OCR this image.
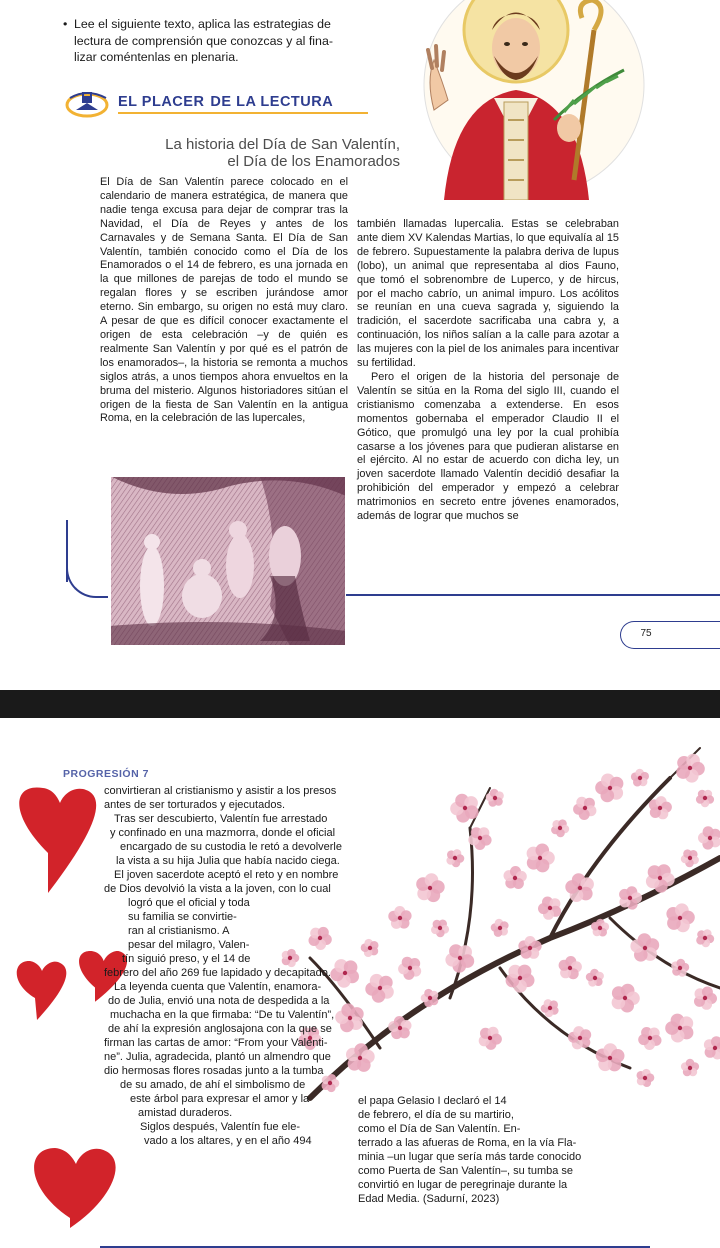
• Lee el siguiente texto, aplica las estrategias de
lectura de comprensión que conozcas y al fina-
lizar coméntenlas en plenaria.
EL PLACER DE LA LECTURA
La historia del Día de San Valentín,
el Día de los Enamorados

El Día de San Valentín parece colocado en el calendario de manera estratégica, de manera que nadie tenga excusa para dejar de comprar tras la Navidad, el Día de Reyes y antes de los Carnavales y de Semana Santa. El Día de San Valentín, también conocido como el Día de los Enamorados o el 14 de febrero, es una jornada en la que millones de parejas de todo el mundo se regalan flores y se escriben jurándose amor eterno. Sin embargo, su origen no está muy claro. A pesar de que es difícil conocer exactamente el origen de esta celebración –y de quién es realmente San Valentín y por qué es el patrón de los enamorados–, la historia se remonta a muchos siglos atrás, a unos tiempos ahora envueltos en la bruma del misterio. Algunos historiadores sitúan el origen de la fiesta de San Valentín en la antigua Roma, en la celebración de las lupercales,

también llamadas lupercalia. Estas se celebraban ante diem XV Kalendas Martias, lo que equivalía al 15 de febrero. Supuestamente la palabra deriva de lupus (lobo), un animal que representaba al dios Fauno, que tomó el sobrenombre de Luperco, y de hircus, por el macho cabrío, un animal impuro. Los acólitos se reunían en una cueva sagrada y, siguiendo la tradición, el sacerdote sacrificaba una cabra y, a continuación, los niños salían a la calle para azotar a las mujeres con la piel de los animales para incentivar su fertilidad.

Pero el origen de la historia del personaje de Valentín se sitúa en la Roma del siglo III, cuando el cristianismo comenzaba a extenderse. En esos momentos gobernaba el emperador Claudio II el Gótico, que promulgó una ley por la cual prohibía casarse a los jóvenes para que pudieran alistarse en el ejército. Al no estar de acuerdo con dicha ley, un joven sacerdote llamado Valentín decidió desafiar la prohibición del emperador y empezó a celebrar matrimonios en secreto entre jóvenes enamorados, además de lograr que muchos se

75
PROGRESIÓN 7
convirtieran al cristianismo y asistir a los presos
antes de ser torturados y ejecutados.
Tras ser descubierto, Valentín fue arrestado
y confinado en una mazmorra, donde el oficial
encargado de su custodia le retó a devolverle
la vista a su hija Julia que había nacido ciega.
El joven sacerdote aceptó el reto y en nombre
de Dios devolvió la vista a la joven, con lo cual
logró que el oficial y toda
su familia se convirtie-
ran al cristianismo. A
pesar del milagro, Valen-
tín siguió preso, y el 14 de
febrero del año 269 fue lapidado y decapitado.
La leyenda cuenta que Valentín, enamora-
do de Julia, envió una nota de despedida a la
muchacha en la que firmaba: “De tu Valentín”,
de ahí la expresión anglosajona con la que se
firman las cartas de amor: “From your Valenti-
ne”. Julia, agradecida, plantó un almendro que
dio hermosas flores rosadas junto a la tumba
de su amado, de ahí el simbolismo de
este árbol para expresar el amor y la
amistad duraderos.
Siglos después, Valentín fue ele-
vado a los altares, y en el año 494
el papa Gelasio I declaró el 14
de febrero, el día de su martirio,
como el Día de San Valentín. En-
terrado a las afueras de Roma, en la vía Fla-
minia –un lugar que sería más tarde conocido
como Puerta de San Valentín–, su tumba se
convirtió en lugar de peregrinaje durante la
Edad Media. (Sadurní, 2023)
